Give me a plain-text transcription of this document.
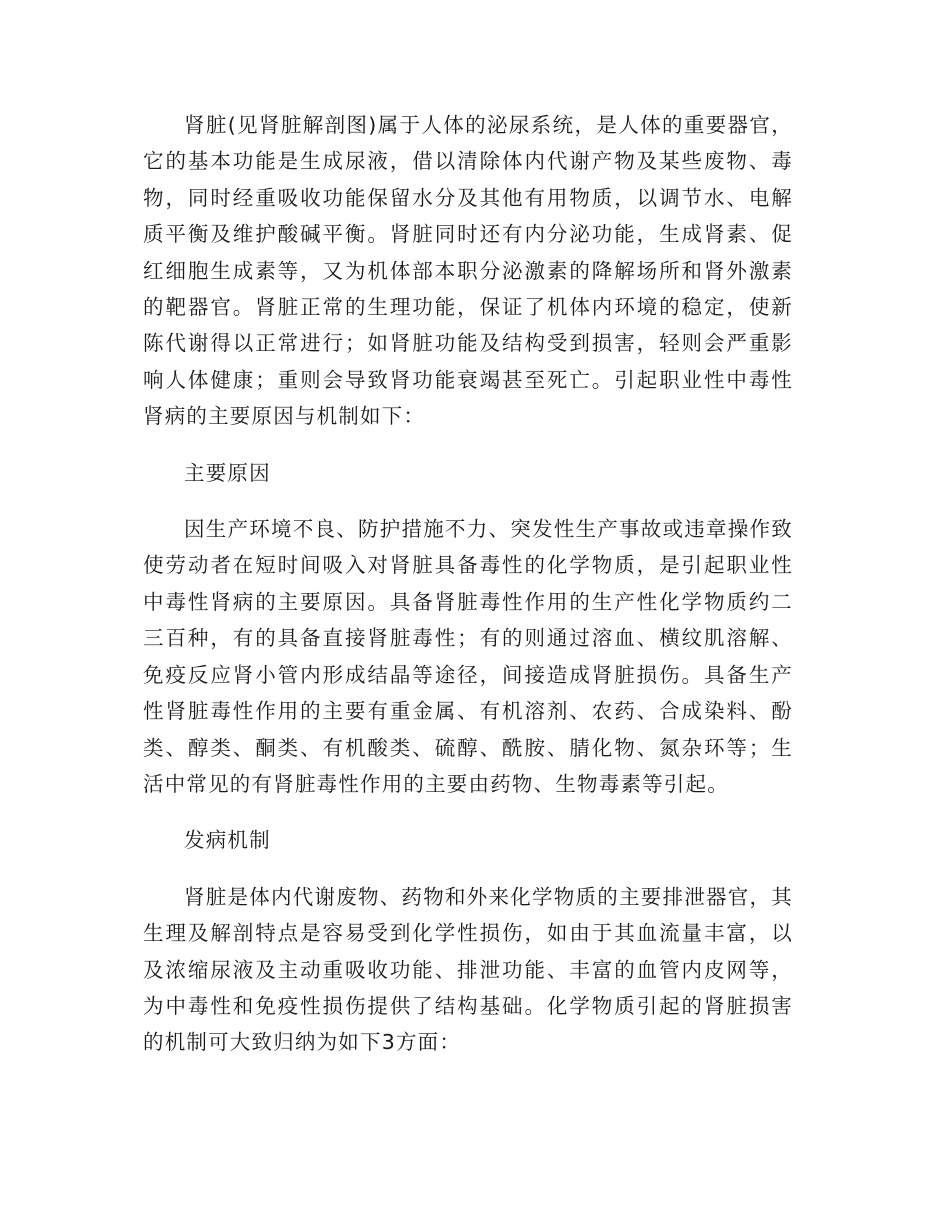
肾脏(见肾脏解剖图)属于人体的泌尿系统，是人体的重要器官，它的基本功能是生成尿液，借以清除体内代谢产物及某些废物、毒物，同时经重吸收功能保留水分及其他有用物质，以调节水、电解质平衡及维护酸碱平衡。肾脏同时还有内分泌功能，生成肾素、促红细胞生成素等，又为机体部本职分泌激素的降解场所和肾外激素的靶器官。肾脏正常的生理功能，保证了机体内环境的稳定，使新陈代谢得以正常进行；如肾脏功能及结构受到损害，轻则会严重影响人体健康；重则会导致肾功能衰竭甚至死亡。引起职业性中毒性肾病的主要原因与机制如下：

主要原因

因生产环境不良、防护措施不力、突发性生产事故或违章操作致使劳动者在短时间吸入对肾脏具备毒性的化学物质，是引起职业性中毒性肾病的主要原因。具备肾脏毒性作用的生产性化学物质约二三百种，有的具备直接肾脏毒性；有的则通过溶血、横纹肌溶解、免疫反应肾小管内形成结晶等途径，间接造成肾脏损伤。具备生产性肾脏毒性作用的主要有重金属、有机溶剂、农药、合成染料、酚类、醇类、酮类、有机酸类、硫醇、酰胺、腈化物、氮杂环等；生活中常见的有肾脏毒性作用的主要由药物、生物毒素等引起。

发病机制

肾脏是体内代谢废物、药物和外来化学物质的主要排泄器官，其生理及解剖特点是容易受到化学性损伤，如由于其血流量丰富，以及浓缩尿液及主动重吸收功能、排泄功能、丰富的血管内皮网等，为中毒性和免疫性损伤提供了结构基础。化学物质引起的肾脏损害的机制可大致归纳为如下3方面：
